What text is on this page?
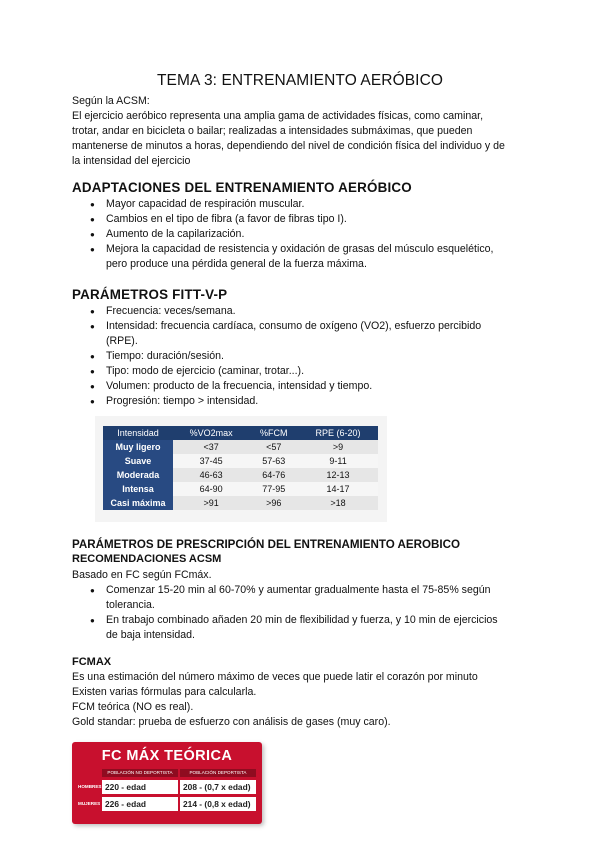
TEMA 3: ENTRENAMIENTO AERÓBICO

Según la ACSM:

El ejercicio aeróbico representa una amplia gama de actividades físicas, como caminar,

trotar, andar en bicicleta o bailar; realizadas a intensidades submáximas, que pueden

mantenerse de minutos a horas, dependiendo del nivel de condición física del individuo y de

la intensidad del ejercicio

ADAPTACIONES DEL ENTRENAMIENTO AERÓBICO
● Mayor capacidad de respiración muscular.
● Cambios en el tipo de fibra (a favor de fibras tipo I).
● Aumento de la capilarización.
● Mejora la capacidad de resistencia y oxidación de grasas del músculo esquelético,
pero produce una pérdida general de la fuerza máxima.
PARÁMETROS FITT-V-P
● Frecuencia: veces/semana.
● Intensidad: frecuencia cardíaca, consumo de oxígeno (VO2), esfuerzo percibido
(RPE).
● Tiempo: duración/sesión.
● Tipo: modo de ejercicio (caminar, trotar...).
● Volumen: producto de la frecuencia, intensidad y tiempo.
● Progresión: tiempo > intensidad.
Intensidad	%VO2max	%FCM	RPE (6-20)
Muy ligero	<37	<57	>9
Suave	37-45	57-63	9-11
Moderada	46-63	64-76	12-13
Intensa	64-90	77-95	14-17
Casi máxima	>91	>96	>18
PARÁMETROS DE PRESCRIPCIÓN DEL ENTRENAMIENTO AEROBICO
RECOMENDACIONES ACSM
Basado en FC según FCmáx.
● Comenzar 15-20 min al 60-70% y aumentar gradualmente hasta el 75-85% según
tolerancia.
● En trabajo combinado añaden 20 min de flexibilidad y fuerza, y 10 min de ejercicios
de baja intensidad.
FCMAX

Es una estimación del número máximo de veces que puede latir el corazón por minuto

Existen varias fórmulas para calcularla.

FCM teórica (NO es real).

Gold standar: prueba de esfuerzo con análisis de gases (muy caro).

FC MÁX TEÓRICA
POBLACIÓN NO DEPORTISTA	POBLACIÓN DEPORTISTA
HOMBRES 220 - edad	208 - (0,7 x edad)
MUJERES 226 - edad	214 - (0,8 x edad)
